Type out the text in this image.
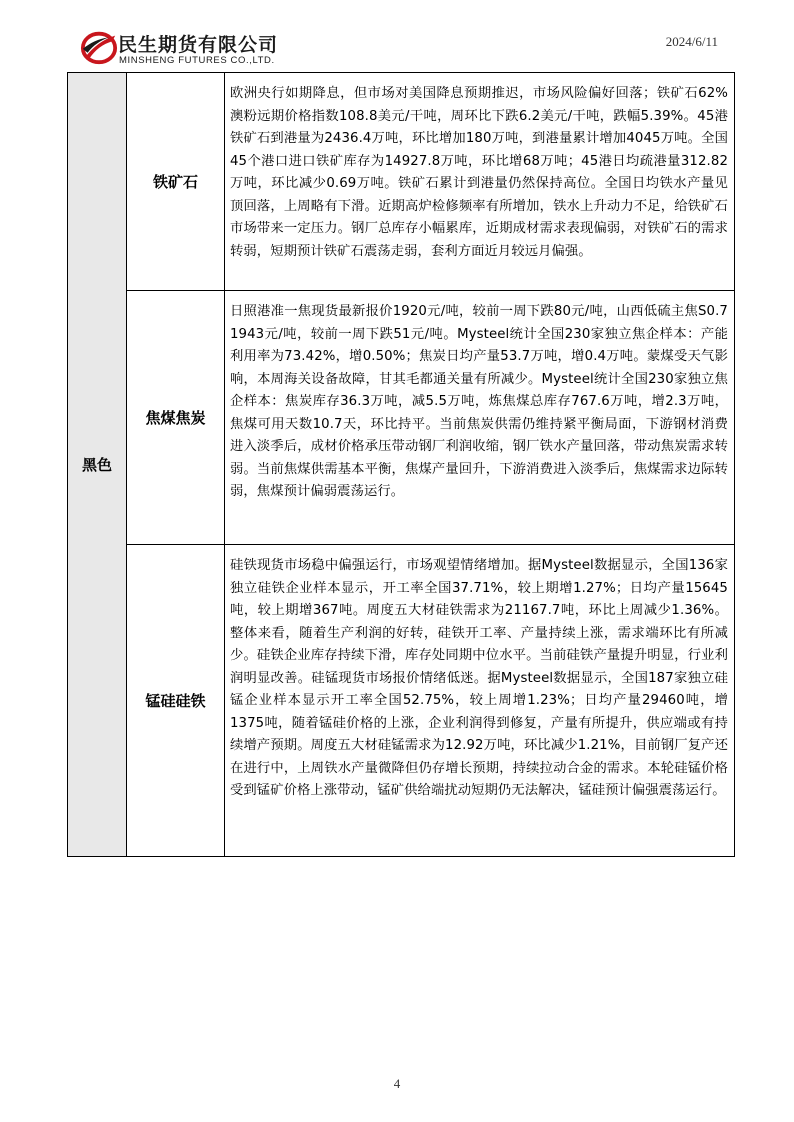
民生期货有限公司
MINSHENG FUTURES CO.,LTD.
2024/6/11
黑色	铁矿石	欧洲央行如期降息，但市场对美国降息预期推迟，市场风险偏好回落；铁矿石62%澳粉远期价格指数108.8美元/干吨，周环比下跌6.2美元/干吨，跌幅5.39%。45港铁矿石到港量为2436.4万吨，环比增加180万吨，到港量累计增加4045万吨。全国45个港口进口铁矿库存为14927.8万吨，环比增68万吨；45港日均疏港量312.82万吨，环比减少0.69万吨。铁矿石累计到港量仍然保持高位。全国日均铁水产量见顶回落，上周略有下滑。近期高炉检修频率有所增加，铁水上升动力不足，给铁矿石市场带来一定压力。钢厂总库存小幅累库，近期成材需求表现偏弱，对铁矿石的需求转弱，短期预计铁矿石震荡走弱，套利方面近月较远月偏强。
	焦煤焦炭	日照港准一焦现货最新报价1920元/吨，较前一周下跌80元/吨，山西低硫主焦S0.7 1943元/吨，较前一周下跌51元/吨。Mysteel统计全国230家独立焦企样本：产能利用率为73.42%，增0.50%；焦炭日均产量53.7万吨，增0.4万吨。蒙煤受天气影响，本周海关设备故障，甘其毛都通关量有所减少。Mysteel统计全国230家独立焦企样本：焦炭库存36.3万吨，减5.5万吨，炼焦煤总库存767.6万吨，增2.3万吨，焦煤可用天数10.7天，环比持平。当前焦炭供需仍维持紧平衡局面，下游钢材消费进入淡季后，成材价格承压带动钢厂利润收缩，钢厂铁水产量回落，带动焦炭需求转弱。当前焦煤供需基本平衡，焦煤产量回升，下游消费进入淡季后，焦煤需求边际转弱，焦煤预计偏弱震荡运行。
	锰硅硅铁	硅铁现货市场稳中偏强运行，市场观望情绪增加。据Mysteel数据显示，全国136家独立硅铁企业样本显示，开工率全国37.71%，较上期增1.27%；日均产量15645吨，较上期增367吨。周度五大材硅铁需求为21167.7吨，环比上周减少1.36%。整体来看，随着生产利润的好转，硅铁开工率、产量持续上涨，需求端环比有所减少。硅铁企业库存持续下滑，库存处同期中位水平。当前硅铁产量提升明显，行业利润明显改善。硅锰现货市场报价情绪低迷。据Mysteel数据显示，全国187家独立硅锰企业样本显示开工率全国52.75%，较上周增1.23%；日均产量29460吨，增1375吨，随着锰硅价格的上涨，企业利润得到修复，产量有所提升，供应端或有持续增产预期。周度五大材硅锰需求为12.92万吨，环比减少1.21%，目前钢厂复产还在进行中，上周铁水产量微降但仍存增长预期，持续拉动合金的需求。本轮硅锰价格受到锰矿价格上涨带动，锰矿供给端扰动短期仍无法解决，锰硅预计偏强震荡运行。
4
